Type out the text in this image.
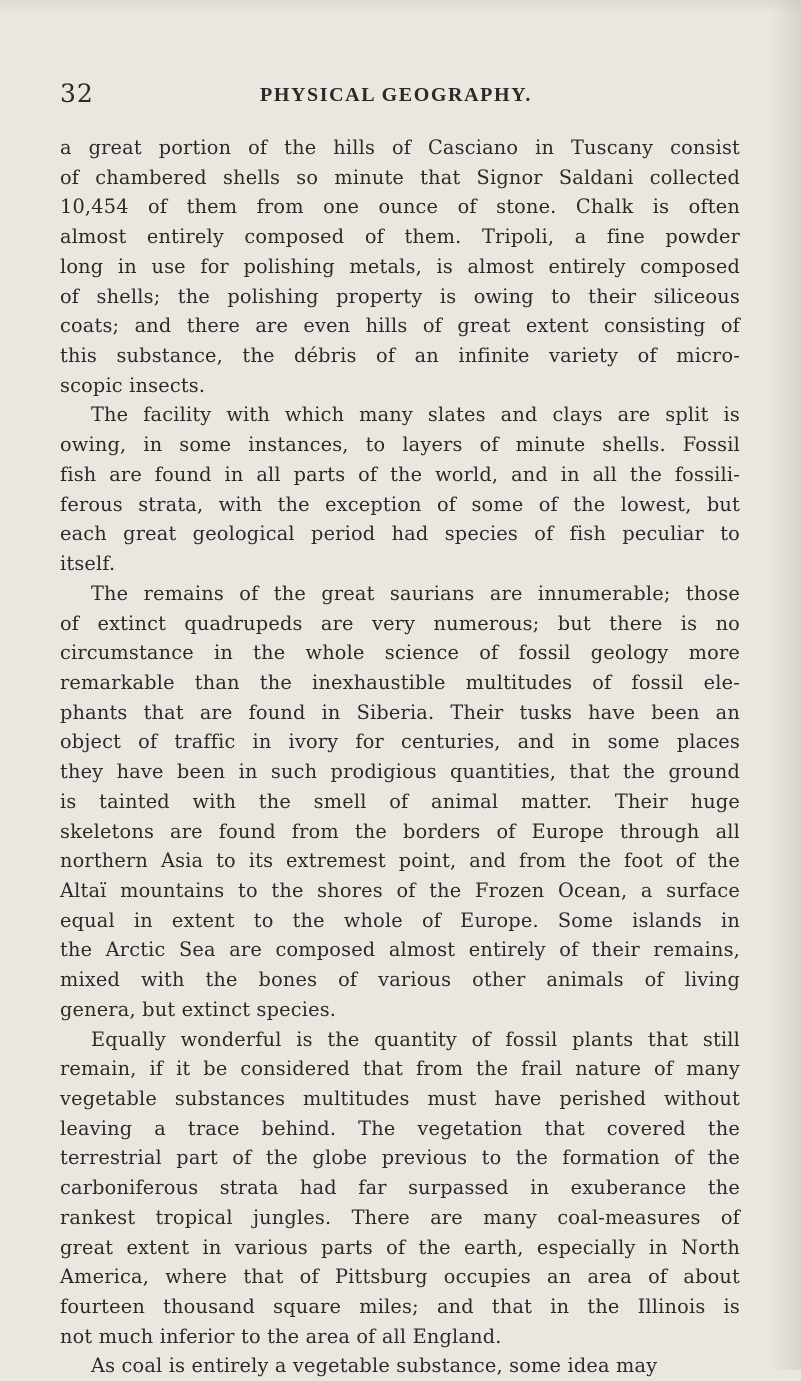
32	PHYSICAL GEOGRAPHY.
a great portion of the hills of Casciano in Tuscany consist
of chambered shells so minute that Signor Saldani collected
10,454 of them from one ounce of stone. Chalk is often
almost entirely composed of them. Tripoli, a fine powder
long in use for polishing metals, is almost entirely composed
of shells; the polishing property is owing to their siliceous
coats; and there are even hills of great extent consisting of
this substance, the débris of an infinite variety of micro-
scopic insects.
The facility with which many slates and clays are split is
owing, in some instances, to layers of minute shells. Fossil
fish are found in all parts of the world, and in all the fossili-
ferous strata, with the exception of some of the lowest, but
each great geological period had species of fish peculiar to
itself.
The remains of the great saurians are innumerable; those
of extinct quadrupeds are very numerous; but there is no
circumstance in the whole science of fossil geology more
remarkable than the inexhaustible multitudes of fossil ele-
phants that are found in Siberia. Their tusks have been an
object of traffic in ivory for centuries, and in some places
they have been in such prodigious quantities, that the ground
is tainted with the smell of animal matter. Their huge
skeletons are found from the borders of Europe through all
northern Asia to its extremest point, and from the foot of the
Altaï mountains to the shores of the Frozen Ocean, a surface
equal in extent to the whole of Europe. Some islands in
the Arctic Sea are composed almost entirely of their remains,
mixed with the bones of various other animals of living
genera, but extinct species.
Equally wonderful is the quantity of fossil plants that still
remain, if it be considered that from the frail nature of many
vegetable substances multitudes must have perished without
leaving a trace behind. The vegetation that covered the
terrestrial part of the globe previous to the formation of the
carboniferous strata had far surpassed in exuberance the
rankest tropical jungles. There are many coal-measures of
great extent in various parts of the earth, especially in North
America, where that of Pittsburg occupies an area of about
fourteen thousand square miles; and that in the Illinois is
not much inferior to the area of all England.
As coal is entirely a vegetable substance, some idea may
